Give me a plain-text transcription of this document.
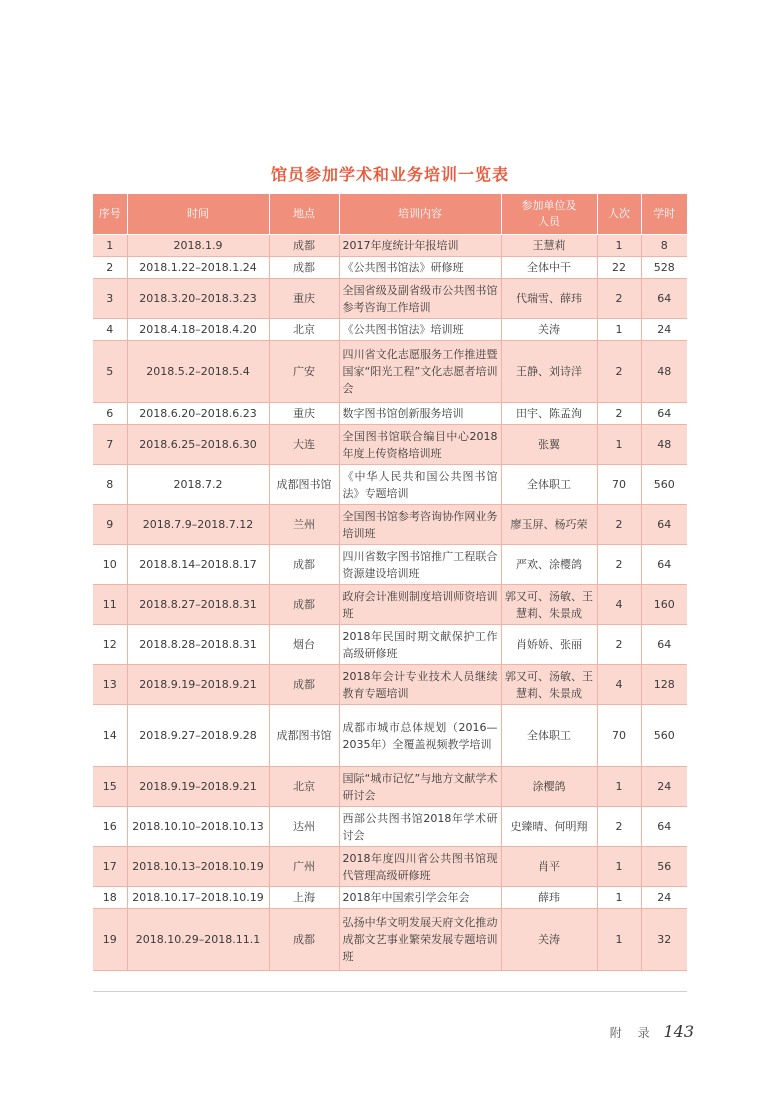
馆员参加学术和业务培训一览表
序号	时间	地点	培训内容	参加单位及人员	人次	学时
1	2018.1.9	成都	2017年度统计年报培训	王慧莉	1	8
2	2018.1.22–2018.1.24	成都	《公共图书馆法》研修班	全体中干	22	528
3	2018.3.20–2018.3.23	重庆	全国省级及副省级市公共图书馆参考咨询工作培训	代瑞雪、薛玮	2	64
4	2018.4.18–2018.4.20	北京	《公共图书馆法》培训班	关涛	1	24
5	2018.5.2–2018.5.4	广安	四川省文化志愿服务工作推进暨国家“阳光工程”文化志愿者培训会	王静、刘诗洋	2	48
6	2018.6.20–2018.6.23	重庆	数字图书馆创新服务培训	田宇、陈孟洵	2	64
7	2018.6.25–2018.6.30	大连	全国图书馆联合编目中心2018年度上传资格培训班	张翼	1	48
8	2018.7.2	成都图书馆	《中华人民共和国公共图书馆法》专题培训	全体职工	70	560
9	2018.7.9–2018.7.12	兰州	全国图书馆参考咨询协作网业务培训班	廖玉屏、杨巧荣	2	64
10	2018.8.14–2018.8.17	成都	四川省数字图书馆推广工程联合资源建设培训班	严欢、涂樱鸽	2	64
11	2018.8.27–2018.8.31	成都	政府会计准则制度培训师资培训班	郭又可、汤敏、王慧莉、朱景成	4	160
12	2018.8.28–2018.8.31	烟台	2018年民国时期文献保护工作高级研修班	肖娇娇、张丽	2	64
13	2018.9.19–2018.9.21	成都	2018年会计专业技术人员继续教育专题培训	郭又可、汤敏、王慧莉、朱景成	4	128
14	2018.9.27–2018.9.28	成都图书馆	成都市城市总体规划（2016—2035年）全覆盖视频教学培训	全体职工	70	560
15	2018.9.19–2018.9.21	北京	国际“城市记忆”与地方文献学术研讨会	涂樱鸽	1	24
16	2018.10.10–2018.10.13	达州	西部公共图书馆2018年学术研讨会	史臻晴、何明翔	2	64
17	2018.10.13–2018.10.19	广州	2018年度四川省公共图书馆现代管理高级研修班	肖平	1	56
18	2018.10.17–2018.10.19	上海	2018年中国索引学会年会	薛玮	1	24
19	2018.10.29–2018.11.1	成都	弘扬中华文明发展天府文化推动成都文艺事业繁荣发展专题培训班	关涛	1	32
附 录 143
